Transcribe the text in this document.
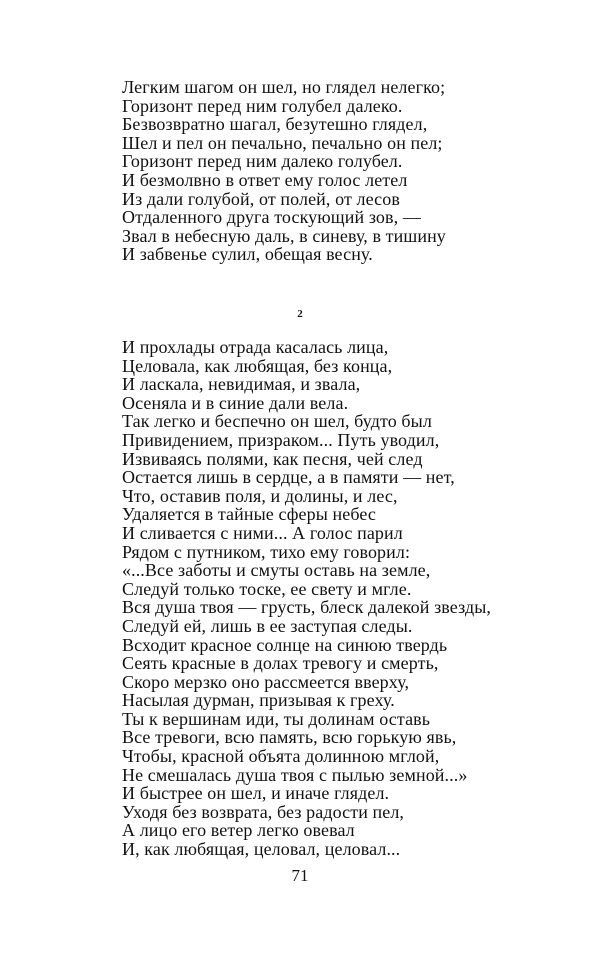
Легким шагом он шел, но глядел нелегко;
Горизонт перед ним голубел далеко.
Безвозвратно шагал, безутешно глядел,
Шел и пел он печально, печально он пел;
Горизонт перед ним далеко голубел.
И безмолвно в ответ ему голос летел
Из дали голубой, от полей, от лесов
Отдаленного друга тоскующий зов, —
Звал в небесную даль, в синеву, в тишину
И забвенье сулил, обещая весну.
2
И прохлады отрада касалась лица,
Целовала, как любящая, без конца,
И ласкала, невидимая, и звала,
Осеняла и в синие дали вела.
Так легко и беспечно он шел, будто был
Привидением, призраком... Путь уводил,
Извиваясь полями, как песня, чей след
Остается лишь в сердце, а в памяти — нет,
Что, оставив поля, и долины, и лес,
Удаляется в тайные сферы небес
И сливается с ними... А голос парил
Рядом с путником, тихо ему говорил:
«...Все заботы и смуты оставь на земле,
Следуй только тоске, ее свету и мгле.
Вся душа твоя — грусть, блеск далекой звезды,
Следуй ей, лишь в ее заступая следы.
Всходит красное солнце на синюю твердь
Сеять красные в долах тревогу и смерть,
Скоро мерзко оно рассмеется вверху,
Насылая дурман, призывая к греху.
Ты к вершинам иди, ты долинам оставь
Все тревоги, всю память, всю горькую явь,
Чтобы, красной объята долинною мглой,
Не смешалась душа твоя с пылью земной...»
И быстрее он шел, и иначе глядел.
Уходя без возврата, без радости пел,
А лицо его ветер легко овевал
И, как любящая, целовал, целовал...
71
